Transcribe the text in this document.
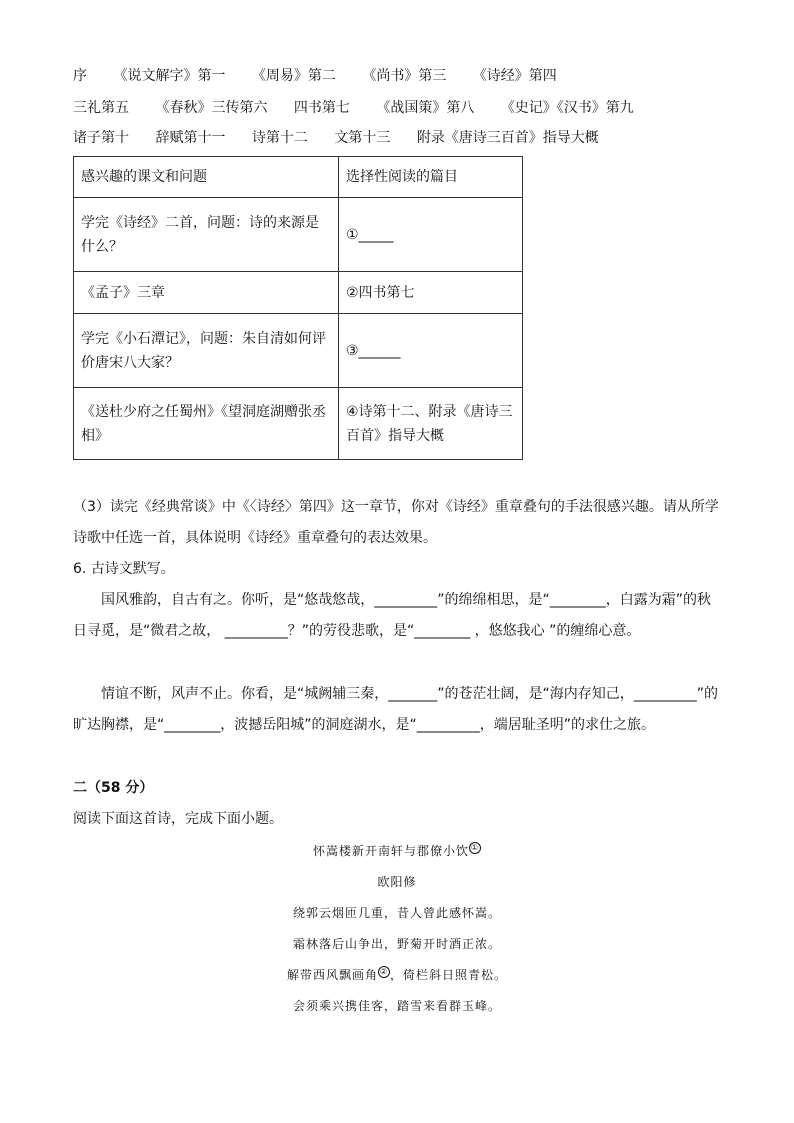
序 《说文解字》第一 《周易》第二 《尚书》第三 《诗经》第四
三礼第五 《春秋》三传第六 四书第七 《战国策》第八 《史记》《汉书》第九
诸子第十 辞赋第十一 诗第十二 文第十三 附录《唐诗三百首》指导大概
感兴趣的课文和问题	选择性阅读的篇目
学完《诗经》二首，问题：诗的来源是什么？	①_____
《孟子》三章	②四书第七
学完《小石潭记》，问题：朱自清如何评价唐宋八大家？	③______
《送杜少府之任蜀州》《望洞庭湖赠张丞相》	④诗第十二、附录《唐诗三百首》指导大概
（3）读完《经典常谈》中《〈诗经〉第四》这一章节，你对《诗经》重章叠句的手法很感兴趣。请从所学诗歌中任选一首，具体说明《诗经》重章叠句的表达效果。
6. 古诗文默写。
国风雅韵，自古有之。你听，是“悠哉悠哉，_________”的绵绵相思，是“________，白露为霜”的秋日寻觅，是“微君之故， _________？”的劳役悲歌，是“________ ，悠悠我心 ”的缠绵心意。
情谊不断，风声不止。你看，是“城阙辅三秦，_______”的苍茫壮阔，是“海内存知己，_________”的旷达胸襟，是“________，波撼岳阳城”的洞庭湖水，是“_________，端居耻圣明”的求仕之旅。
二（58 分）
阅读下面这首诗，完成下面小题。
怀嵩楼新开南轩与郡僚小饮 ①
欧阳修
绕郭云烟匝几重，昔人曾此感怀嵩。
霜林落后山争出，野菊开时酒正浓。
解带西风飘画角 ② ，倚栏斜日照青松。
会须乘兴携佳客，踏雪来看群玉峰。
